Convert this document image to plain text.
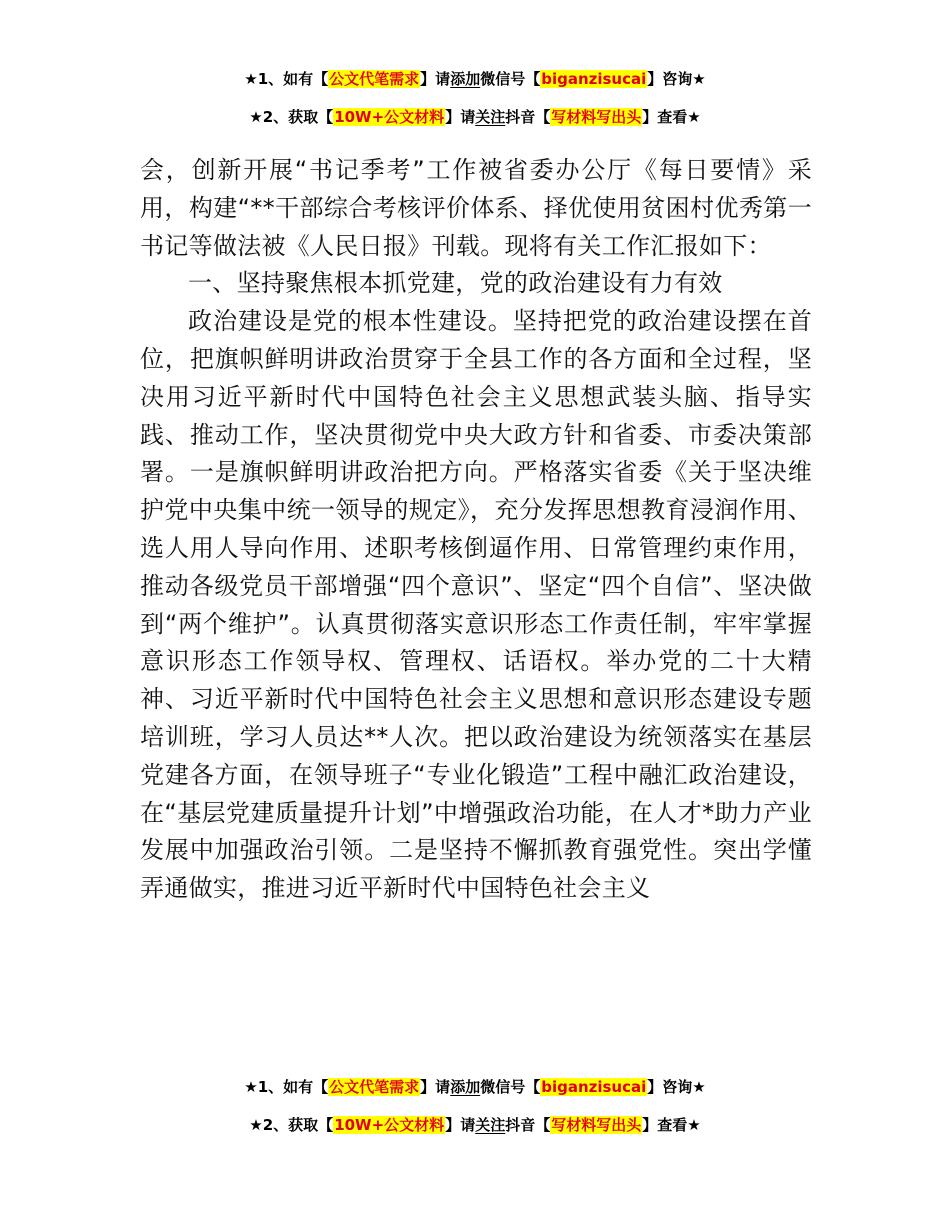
★1、如有【公文代笔需求】请添加微信号【biganzisucai】咨询★
★2、获取【10W+公文材料】请关注抖音【写材料写出头】查看★

会，创新开展“书记季考”工作被省委办公厅《每日要情》采用，构建“**干部综合考核评价体系、择优使用贫困村优秀第一书记等做法被《人民日报》刊载。现将有关工作汇报如下：

一、坚持聚焦根本抓党建，党的政治建设有力有效

政治建设是党的根本性建设。坚持把党的政治建设摆在首位，把旗帜鲜明讲政治贯穿于全县工作的各方面和全过程，坚决用习近平新时代中国特色社会主义思想武装头脑、指导实践、推动工作，坚决贯彻党中央大政方针和省委、市委决策部署。一是旗帜鲜明讲政治把方向。严格落实省委《关于坚决维护党中央集中统一领导的规定》，充分发挥思想教育浸润作用、选人用人导向作用、述职考核倒逼作用、日常管理约束作用，推动各级党员干部增强“四个意识”、坚定“四个自信”、坚决做到“两个维护”。认真贯彻落实意识形态工作责任制，牢牢掌握意识形态工作领导权、管理权、话语权。举办党的二十大精神、习近平新时代中国特色社会主义思想和意识形态建设专题培训班，学习人员达**人次。把以政治建设为统领落实在基层党建各方面，在领导班子“专业化锻造”工程中融汇政治建设，在“基层党建质量提升计划”中增强政治功能，在人才*助力产业发展中加强政治引领。二是坚持不懈抓教育强党性。突出学懂弄通做实，推进习近平新时代中国特色社会主义

★1、如有【公文代笔需求】请添加微信号【biganzisucai】咨询★
★2、获取【10W+公文材料】请关注抖音【写材料写出头】查看★
